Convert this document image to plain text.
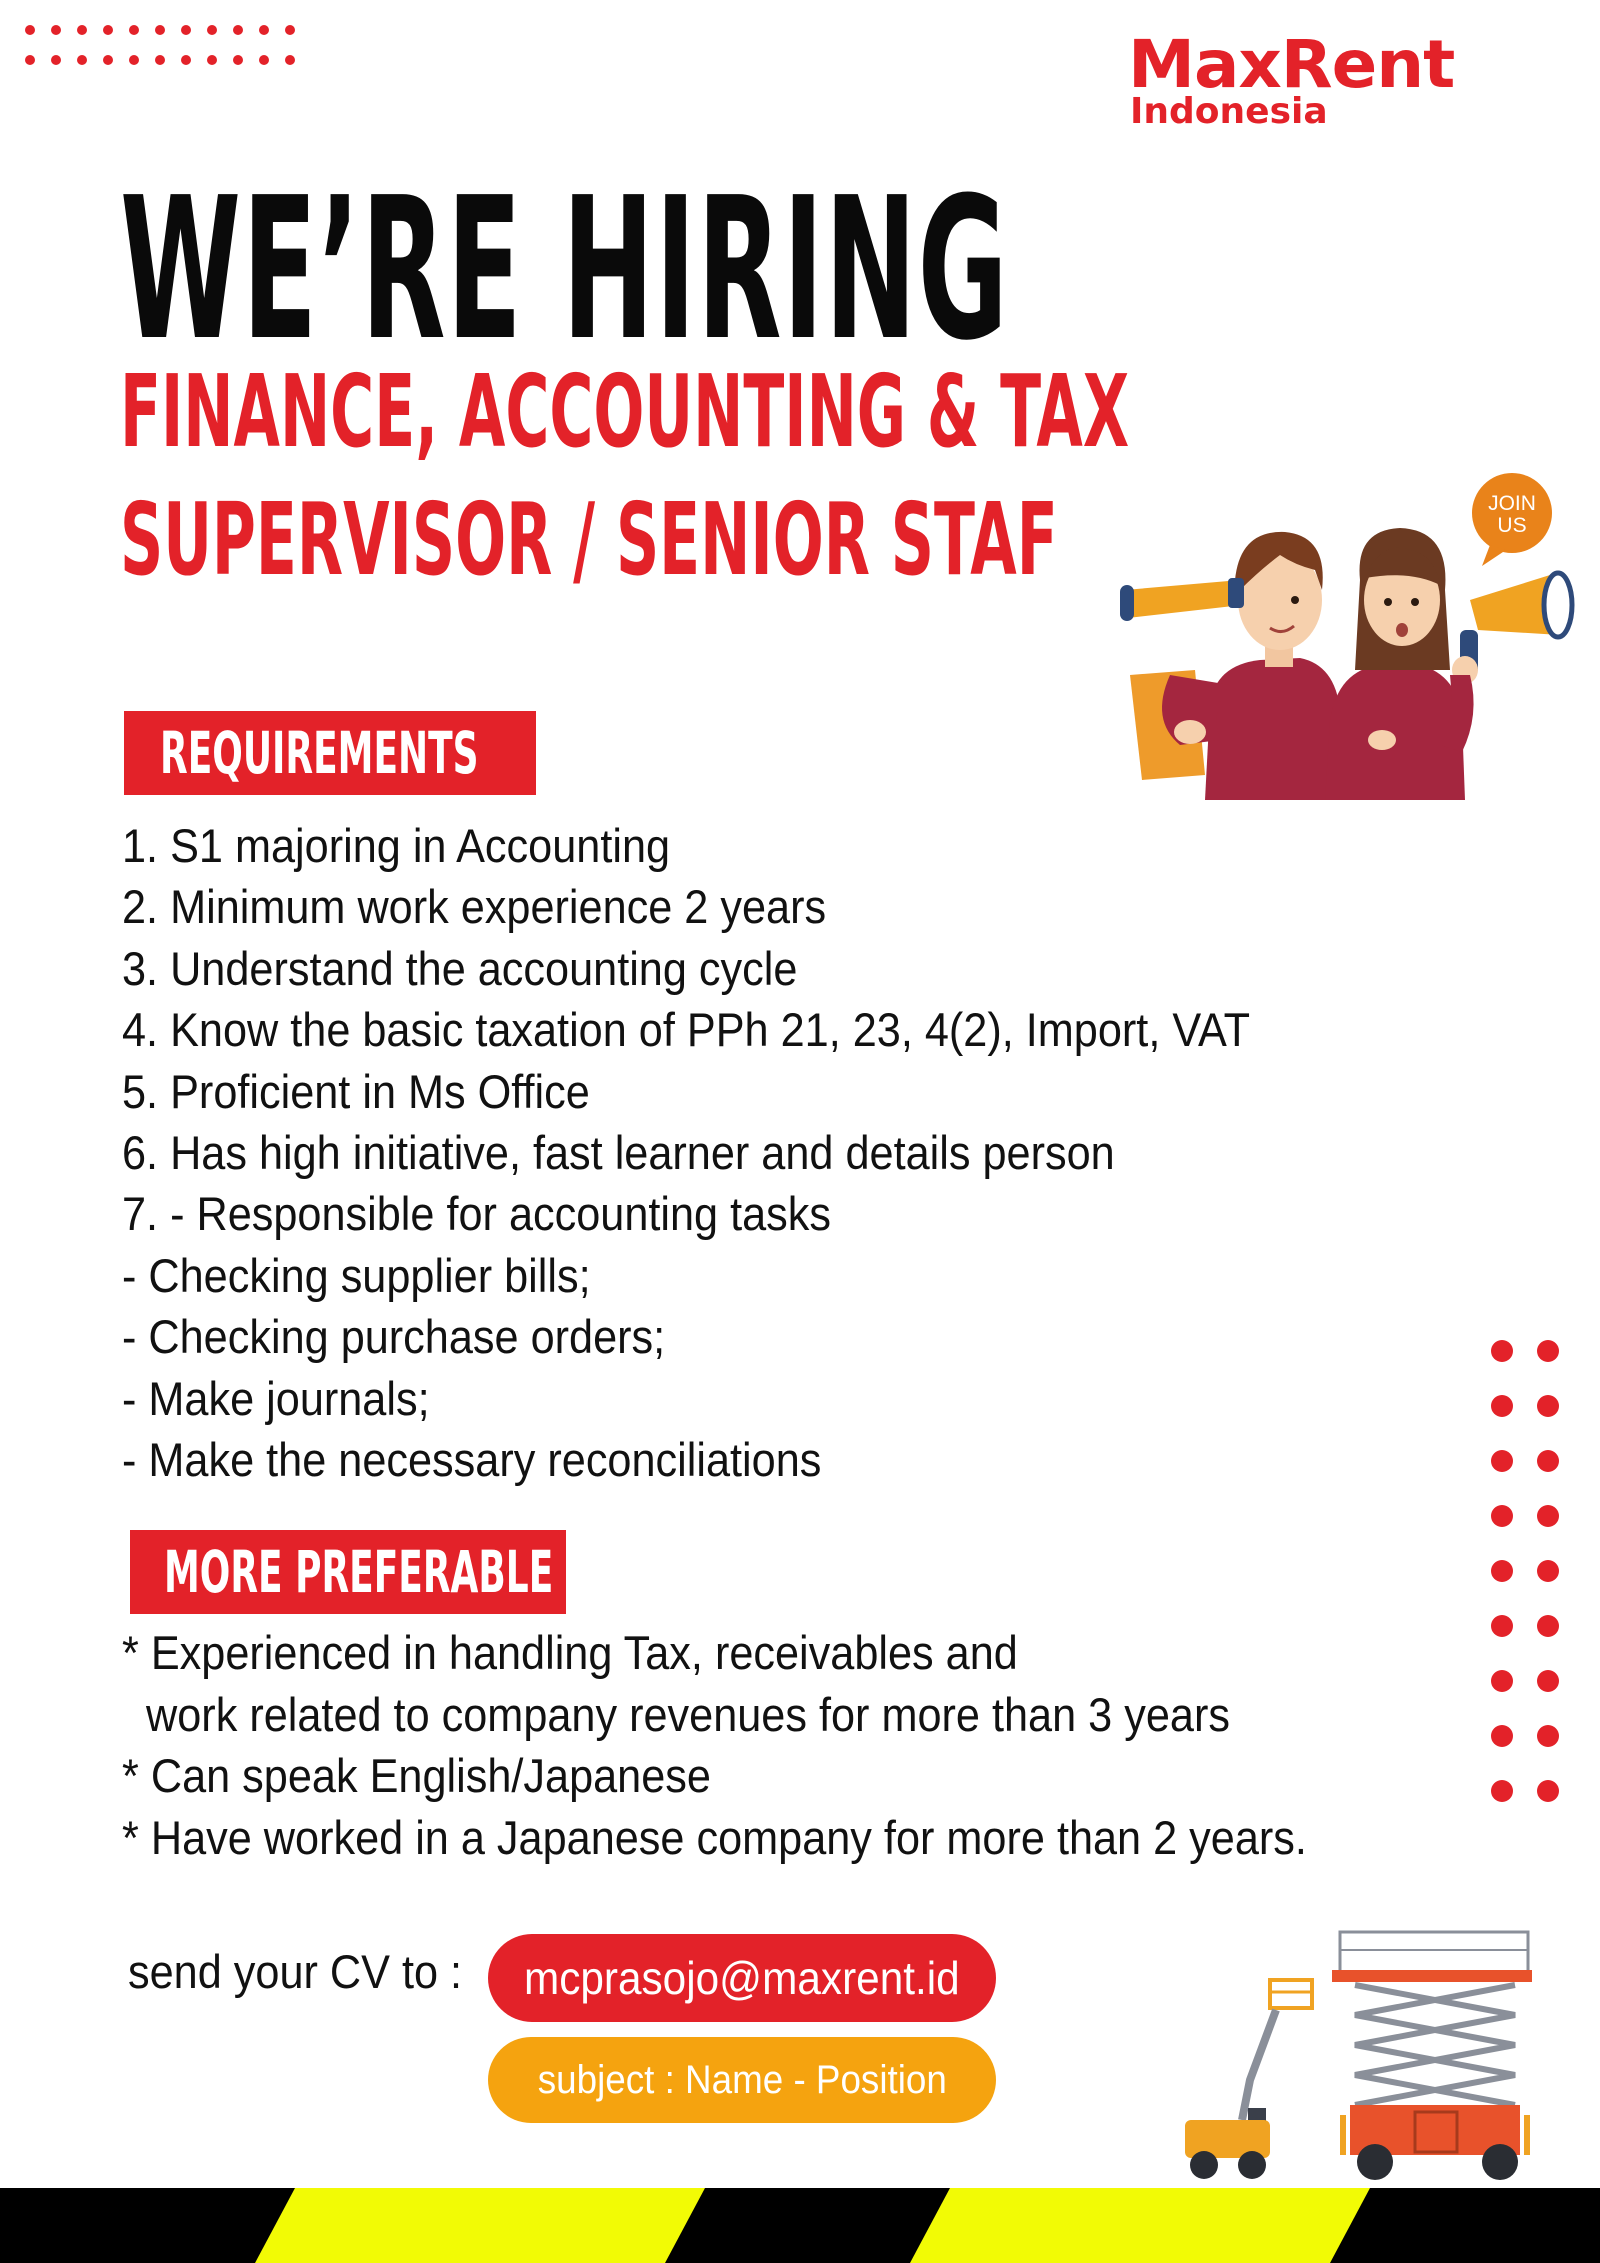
MaxRent
Indonesia
WE’RE HIRING
FINANCE, ACCOUNTING & TAX
SUPERVISOR / SENIOR STAF	JOIN
US
REQUIREMENTS
1. S1 majoring in Accounting
2. Minimum work experience 2 years
3. Understand the accounting cycle
4. Know the basic taxation of PPh 21, 23, 4(2), Import, VAT
5. Proficient in Ms Office
6. Has high initiative, fast learner and details person
7. - Responsible for accounting tasks
- Checking supplier bills;
- Checking purchase orders;
- Make journals;
- Make the necessary reconciliations
MORE PREFERABLE
* Experienced in handling Tax, receivables and
work related to company revenues for more than 3 years
* Can speak English/Japanese
* Have worked in a Japanese company for more than 2 years.
send your CV to : mcprasojo@maxrent.id
subject : Name - Position
